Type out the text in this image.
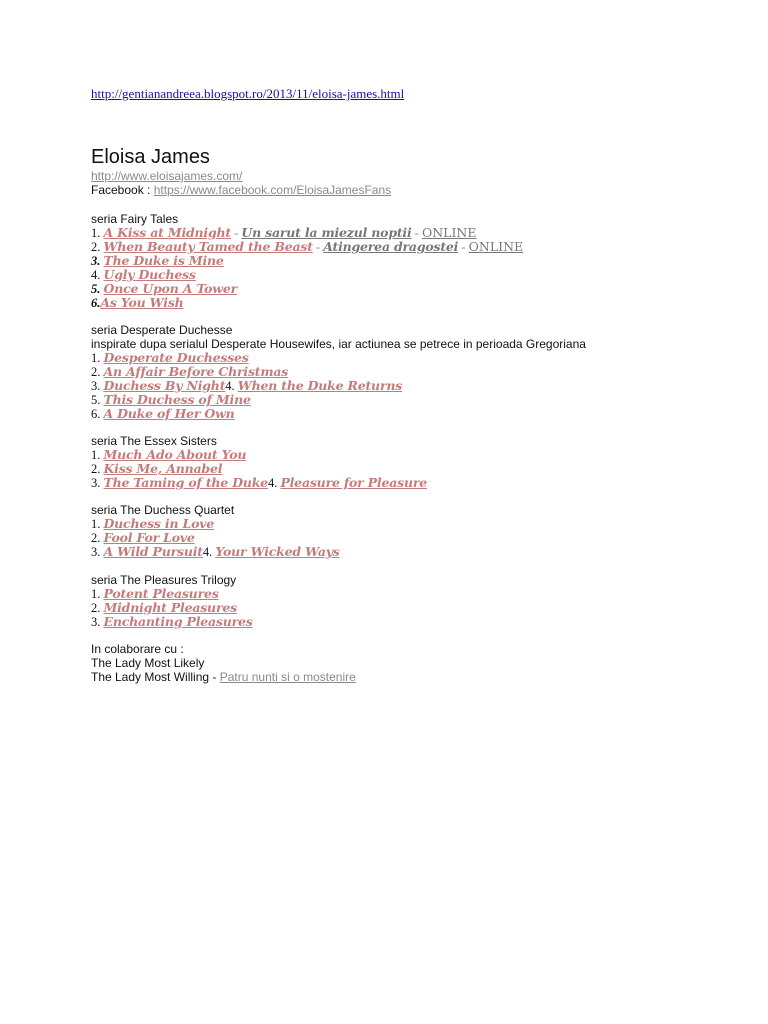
http://gentianandreea.blogspot.ro/2013/11/eloisa-james.html
Eloisa James
http://www.eloisajames.com/
Facebook : https://www.facebook.com/EloisaJamesFans
seria Fairy Tales
1. A Kiss at Midnight - Un sarut la miezul noptii - ONLINE
2. When Beauty Tamed the Beast - Atingerea dragostei - ONLINE
3. The Duke is Mine
4. Ugly Duchess
5. Once Upon A Tower
6.As You Wish
seria Desperate Duchesse
inspirate dupa serialul Desperate Housewifes, iar actiunea se petrece in perioada Gregoriana
1. Desperate Duchesses
2. An Affair Before Christmas
3. Duchess By Night4. When the Duke Returns
5. This Duchess of Mine
6. A Duke of Her Own
seria The Essex Sisters
1. Much Ado About You
2. Kiss Me, Annabel
3. The Taming of the Duke4. Pleasure for Pleasure
seria The Duchess Quartet
1. Duchess in Love
2. Fool For Love
3. A Wild Pursuit4. Your Wicked Ways
seria The Pleasures Trilogy
1. Potent Pleasures
2. Midnight Pleasures
3. Enchanting Pleasures
In colaborare cu :
The Lady Most Likely
The Lady Most Willing - Patru nunti si o mostenire
